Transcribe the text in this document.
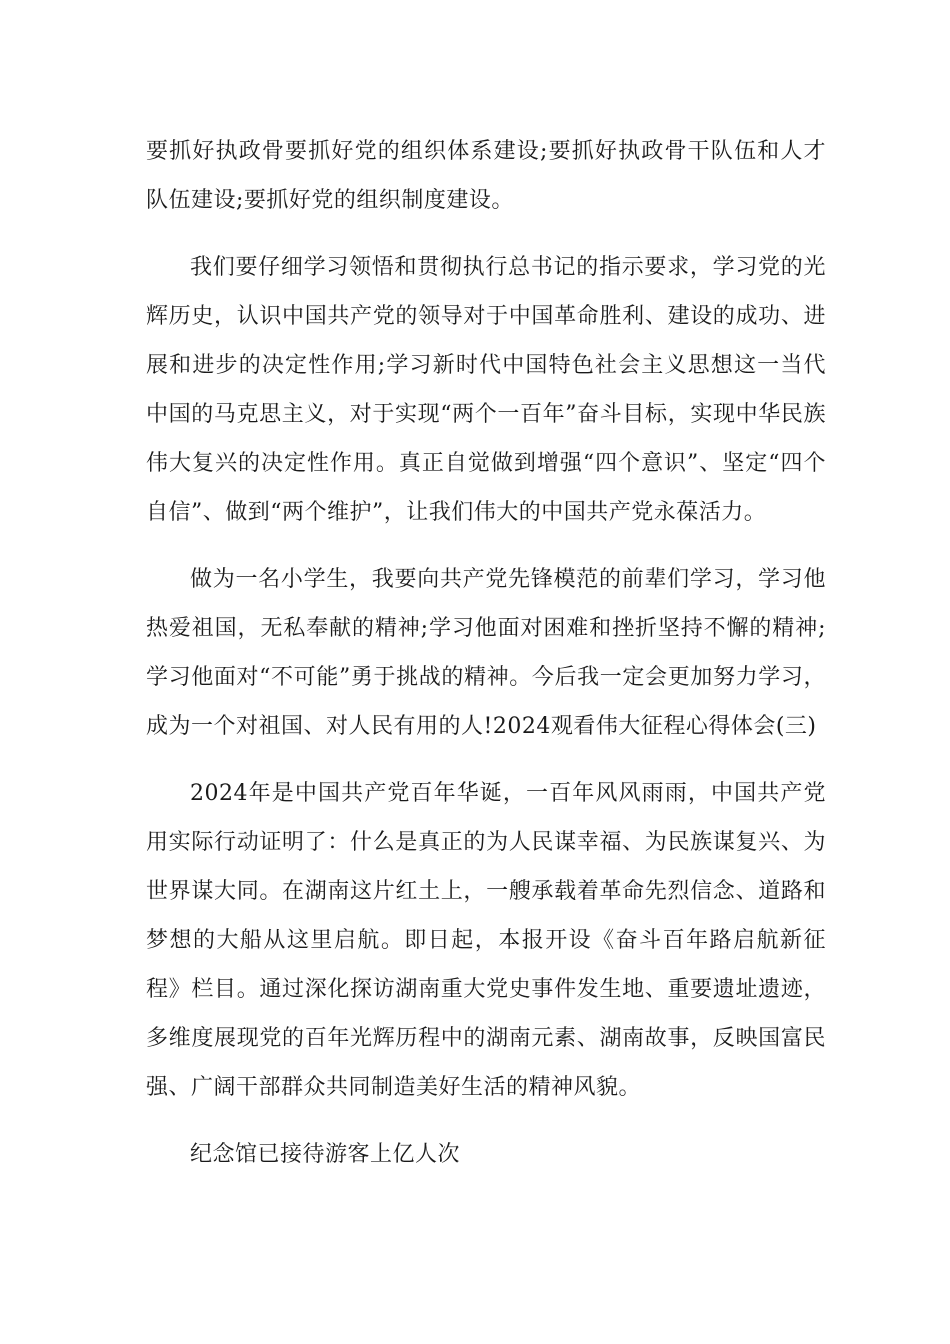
要抓好执政骨要抓好党的组织体系建设;要抓好执政骨干队伍和人才队伍建设;要抓好党的组织制度建设。

我们要仔细学习领悟和贯彻执行总书记的指示要求，学习党的光辉历史，认识中国共产党的领导对于中国革命胜利、建设的成功、进展和进步的决定性作用;学习新时代中国特色社会主义思想这一当代中国的马克思主义，对于实现“两个一百年”奋斗目标，实现中华民族伟大复兴的决定性作用。真正自觉做到增强“四个意识”、坚定“四个自信”、做到“两个维护”，让我们伟大的中国共产党永葆活力。

做为一名小学生，我要向共产党先锋模范的前辈们学习，学习他热爱祖国，无私奉献的精神;学习他面对困难和挫折坚持不懈的精神;学习他面对“不可能”勇于挑战的精神。今后我一定会更加努力学习，成为一个对祖国、对人民有用的人!2024观看伟大征程心得体会(三)

2024年是中国共产党百年华诞，一百年风风雨雨，中国共产党用实际行动证明了：什么是真正的为人民谋幸福、为民族谋复兴、为世界谋大同。在湖南这片红土上，一艘承载着革命先烈信念、道路和梦想的大船从这里启航。即日起，本报开设《奋斗百年路启航新征程》栏目。通过深化探访湖南重大党史事件发生地、重要遗址遗迹，多维度展现党的百年光辉历程中的湖南元素、湖南故事，反映国富民强、广阔干部群众共同制造美好生活的精神风貌。

纪念馆已接待游客上亿人次
